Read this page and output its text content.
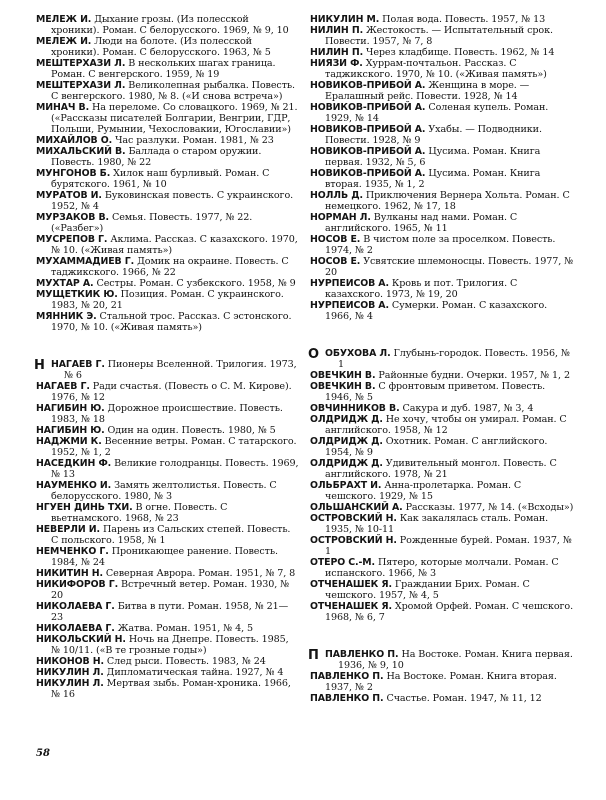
МЕЛЕЖ И. Дыхание грозы. (Из полесской хроники). Роман. С белорусского. 1969, № 9, 10

МЕЛЕЖ И. Люди на болоте. (Из полесской хроники). Роман. С белорусского. 1963, № 5

МЕШТЕРХАЗИ Л. В нескольких шагах граница. Роман. С венгерского. 1959, № 19

МЕШТЕРХАЗИ Л. Великолепная рыбалка. Повесть. С венгерского. 1980, № 8. («И снова встреча»)

МИНАЧ В. На переломе. Со словацкого. 1969, № 21. («Рассказы писателей Болгарии, Венгрии, ГДР, Польши, Румынии, Чехословакии, Югославии»)

МИХАЙЛОВ О. Час разлуки. Роман. 1981, № 23

МИХАЛЬСКИЙ В. Баллада о старом оружии. Повесть. 1980, № 22

МУНГОНОВ Б. Хилок наш бурливый. Роман. С бурятского. 1961, № 10

МУРАТОВ И. Буковинская повесть. С украинского. 1952, № 4

МУРЗАКОВ В. Семья. Повесть. 1977, № 22. («Разбег»)

МУСРЕПОВ Г. Аклима. Рассказ. С казахского. 1970, № 10. («Живая память»)

МУХАММАДИЕВ Г. Домик на окраине. Повесть. С таджикского. 1966, № 22

МУХТАР А. Сестры. Роман. С узбекского. 1958, № 9

МУЩЕТКИК Ю. Позиция. Роман. С украинского. 1983, № 20, 21

МЯННИК Э. Стальной трос. Рассказ. С эстонского. 1970, № 10. («Живая память»)

Н НАГАЕВ Г. Пионеры Вселенной. Трилогия. 1973, № 6

НАГАЕВ Г. Ради счастья. (Повесть о С. М. Кирове). 1976, № 12

НАГИБИН Ю. Дорожное происшествие. Повесть. 1983, № 18

НАГИБИН Ю. Один на один. Повесть. 1980, № 5

НАДЖМИ К. Весенние ветры. Роман. С татарского. 1952, № 1, 2

НАСЕДКИН Ф. Великие голодранцы. Повесть. 1969, № 13

НАУМЕНКО И. Замять желтолистья. Повесть. С белорусского. 1980, № 3

НГУЕН ДИНЬ ТХИ. В огне. Повесть. С вьетнамского. 1968, № 23

НЕВЕРЛИ И. Парень из Сальских степей. Повесть. С польского. 1958, № 1

НЕМЧЕНКО Г. Проникающее ранение. Повесть. 1984, № 24

НИКИТИН Н. Северная Аврора. Роман. 1951, № 7, 8

НИКИФОРОВ Г. Встречный ветер. Роман. 1930, № 20

НИКОЛАЕВА Г. Битва в пути. Роман. 1958, № 21—23

НИКОЛАЕВА Г. Жатва. Роман. 1951, № 4, 5

НИКОЛЬСКИЙ Н. Ночь на Днепре. Повесть. 1985, № 10/11. («В те грозные годы»)

НИКОНОВ Н. След рыси. Повесть. 1983, № 24

НИКУЛИН Л. Дипломатическая тайна. 1927, № 4

НИКУЛИН Л. Мертвая зыбь. Роман-хроника. 1966, № 16

НИКУЛИН М. Полая вода. Повесть. 1957, № 13

НИЛИН П. Жестокость. — Испытательный срок. Повести. 1957, № 7, 8

НИЛИН П. Через кладбище. Повесть. 1962, № 14

НИЯЗИ Ф. Хуррам-почтальон. Рассказ. С таджикского. 1970, № 10. («Живая память»)

НОВИКОВ-ПРИБОЙ А. Женщина в море. — Ералашный рейс. Повести. 1928, № 14

НОВИКОВ-ПРИБОЙ А. Соленая купель. Роман. 1929, № 14

НОВИКОВ-ПРИБОЙ А. Ухабы. — Подводники. Повести. 1928, № 9

НОВИКОВ-ПРИБОЙ А. Цусима. Роман. Книга первая. 1932, № 5, 6

НОВИКОВ-ПРИБОЙ А. Цусима. Роман. Книга вторая. 1935, № 1, 2

НОЛЛЬ Д. Приключения Вернера Хольта. Роман. С немецкого. 1962, № 17, 18

НОРМАН Л. Вулканы над нами. Роман. С английского. 1965, № 11

НОСОВ Е. В чистом поле за проселком. Повесть. 1974, № 2

НОСОВ Е. Усвятские шлемоносцы. Повесть. 1977, № 20

НУРПЕИСОВ А. Кровь и пот. Трилогия. С казахского. 1973, № 19, 20

НУРПЕИСОВ А. Сумерки. Роман. С казахского. 1966, № 4

О ОБУХОВА Л. Глубынь-городок. Повесть. 1956, № 1

ОВЕЧКИН В. Районные будни. Очерки. 1957, № 1, 2

ОВЕЧКИН В. С фронтовым приветом. Повесть. 1946, № 5

ОВЧИННИКОВ В. Сакура и дуб. 1987, № 3, 4

ОЛДРИДЖ Д. Не хочу, чтобы он умирал. Роман. С английского. 1958, № 12

ОЛДРИДЖ Д. Охотник. Роман. С английского. 1954, № 9

ОЛДРИДЖ Д. Удивительный монгол. Повесть. С английского. 1978, № 21

ОЛЬБРАХТ И. Анна-пролетарка. Роман. С чешского. 1929, № 15

ОЛЬШАНСКИЙ А. Рассказы. 1977, № 14. («Всходы»)

ОСТРОВСКИЙ Н. Как закалялась сталь. Роман. 1935, № 10-11

ОСТРОВСКИЙ Н. Рожденные бурей. Роман. 1937, № 1

ОТЕРО С.-М. Пятеро, которые молчали. Роман. С испанского. 1966, № 3

ОТЧЕНАШЕК Я. Граждании Брих. Роман. С чешского. 1957, № 4, 5

ОТЧЕНАШЕК Я. Хромой Орфей. Роман. С чешского. 1968, № 6, 7

П ПАВЛЕНКО П. На Востоке. Роман. Книга первая. 1936, № 9, 10

ПАВЛЕНКО П. На Востоке. Роман. Книга вторая. 1937, № 2

ПАВЛЕНКО П. Счастье. Роман. 1947, № 11, 12

58
